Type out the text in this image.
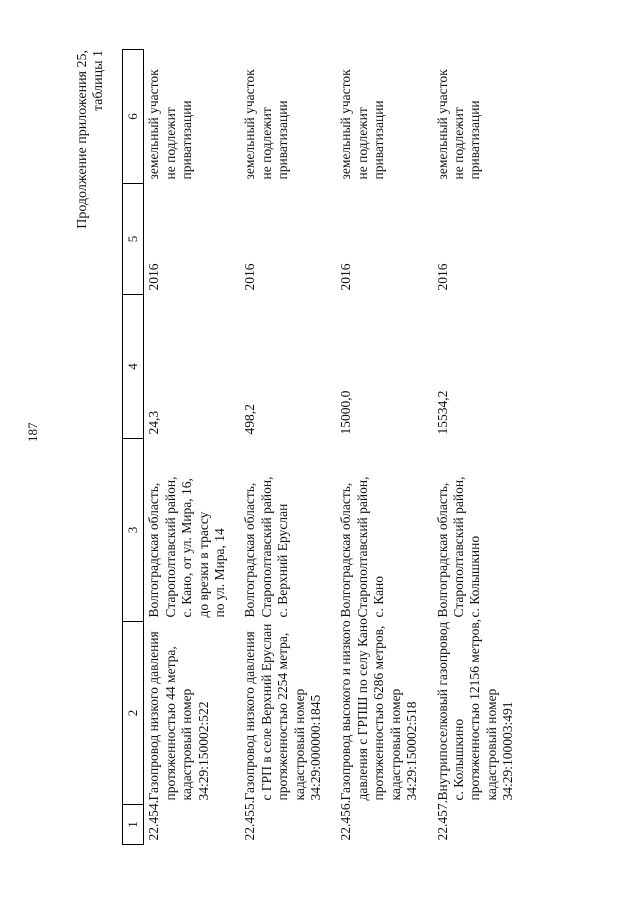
187
Продолжение приложения 25, таблицы 1
1	2	3	4	5	6
22.454.	Газопровод низкого давления протяженностью 44 метра, кадастровый номер 34:29:150002:522	Волгоградская область, Старополтавский район, с. Кано, от ул. Мира, 16, до врезки в трассу по ул. Мира, 14	24,3	2016	земельный участок не подлежит приватизации

22.455.	Газопровод низкого давления с ГРП в селе Верхний Еруслан протяженностью 2254 метра, кадастровый номер 34:29:000000:1845	Волгоградская область, Старополтавский район, с. Верхний Еруслан	498,2	2016	земельный участок не подлежит приватизации

22.456.	Газопровод высокого и низкого давления с ГРПШ по селу Кано протяженностью 6286 метров, кадастровый номер 34:29:150002:518	Волгоградская область, Старополтавский район, с. Кано	15000,0	2016	земельный участок не подлежит приватизации

22.457.	Внутрипоселковый газопровод с. Колышкино протяженностью 12156 метров, кадастровый номер 34:29:100003:491	Волгоградская область, Старополтавский район, с. Колышкино	15534,2	2016	земельный участок не подлежит приватизации
